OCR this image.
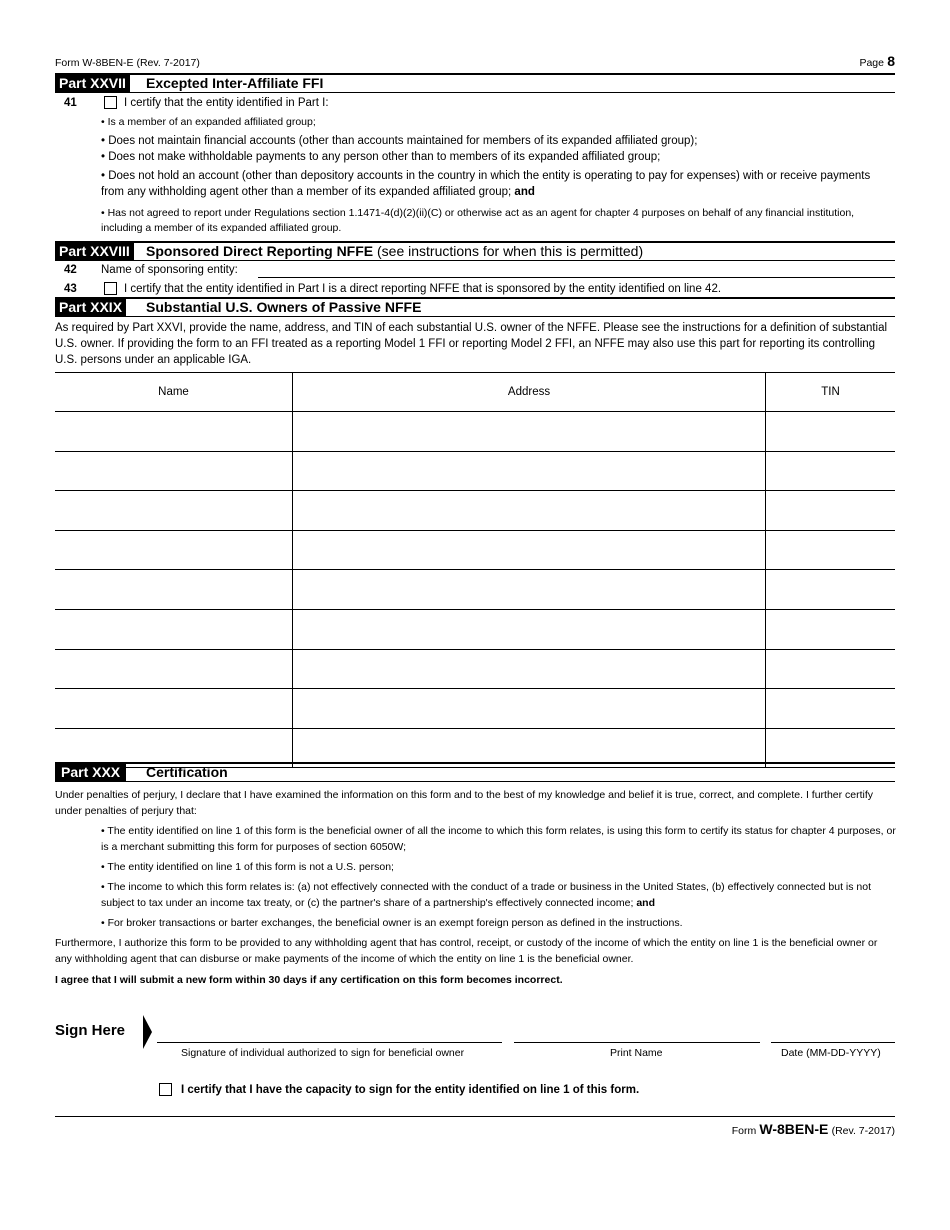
Form W-8BEN-E (Rev. 7-2017)	Page 8
Part XXVII Excepted Inter-Affiliate FFI
41	I certify that the entity identified in Part I:
• Is a member of an expanded affiliated group;
• Does not maintain financial accounts (other than accounts maintained for members of its expanded affiliated group);
• Does not make withholdable payments to any person other than to members of its expanded affiliated group;
• Does not hold an account (other than depository accounts in the country in which the entity is operating to pay for expenses) with or receive payments from any withholding agent other than a member of its expanded affiliated group; and
• Has not agreed to report under Regulations section 1.1471-4(d)(2)(ii)(C) or otherwise act as an agent for chapter 4 purposes on behalf of any financial institution, including a member of its expanded affiliated group.
Part XXVIII Sponsored Direct Reporting NFFE (see instructions for when this is permitted)
42 Name of sponsoring entity:
43	I certify that the entity identified in Part I is a direct reporting NFFE that is sponsored by the entity identified on line 42.
Part XXIX Substantial U.S. Owners of Passive NFFE
As required by Part XXVI, provide the name, address, and TIN of each substantial U.S. owner of the NFFE. Please see the instructions for a definition of substantial U.S. owner. If providing the form to an FFI treated as a reporting Model 1 FFI or reporting Model 2 FFI, an NFFE may also use this part for reporting its controlling U.S. persons under an applicable IGA.
Name	Address	TIN

Part XXX	Certification
Under penalties of perjury, I declare that I have examined the information on this form and to the best of my knowledge and belief it is true, correct, and complete. I further certify under penalties of perjury that:
• The entity identified on line 1 of this form is the beneficial owner of all the income to which this form relates, is using this form to certify its status for chapter 4 purposes, or is a merchant submitting this form for purposes of section 6050W;
• The entity identified on line 1 of this form is not a U.S. person;
• The income to which this form relates is: (a) not effectively connected with the conduct of a trade or business in the United States, (b) effectively connected but is not subject to tax under an income tax treaty, or (c) the partner's share of a partnership's effectively connected income; and
• For broker transactions or barter exchanges, the beneficial owner is an exempt foreign person as defined in the instructions.
Furthermore, I authorize this form to be provided to any withholding agent that has control, receipt, or custody of the income of which the entity on line 1 is the beneficial owner or any withholding agent that can disburse or make payments of the income of which the entity on line 1 is the beneficial owner.
I agree that I will submit a new form within 30 days if any certification on this form becomes incorrect.
Sign Here
Signature of individual authorized to sign for beneficial owner	Print Name	Date (MM-DD-YYYY)
I certify that I have the capacity to sign for the entity identified on line 1 of this form.
Form W-8BEN-E (Rev. 7-2017)
